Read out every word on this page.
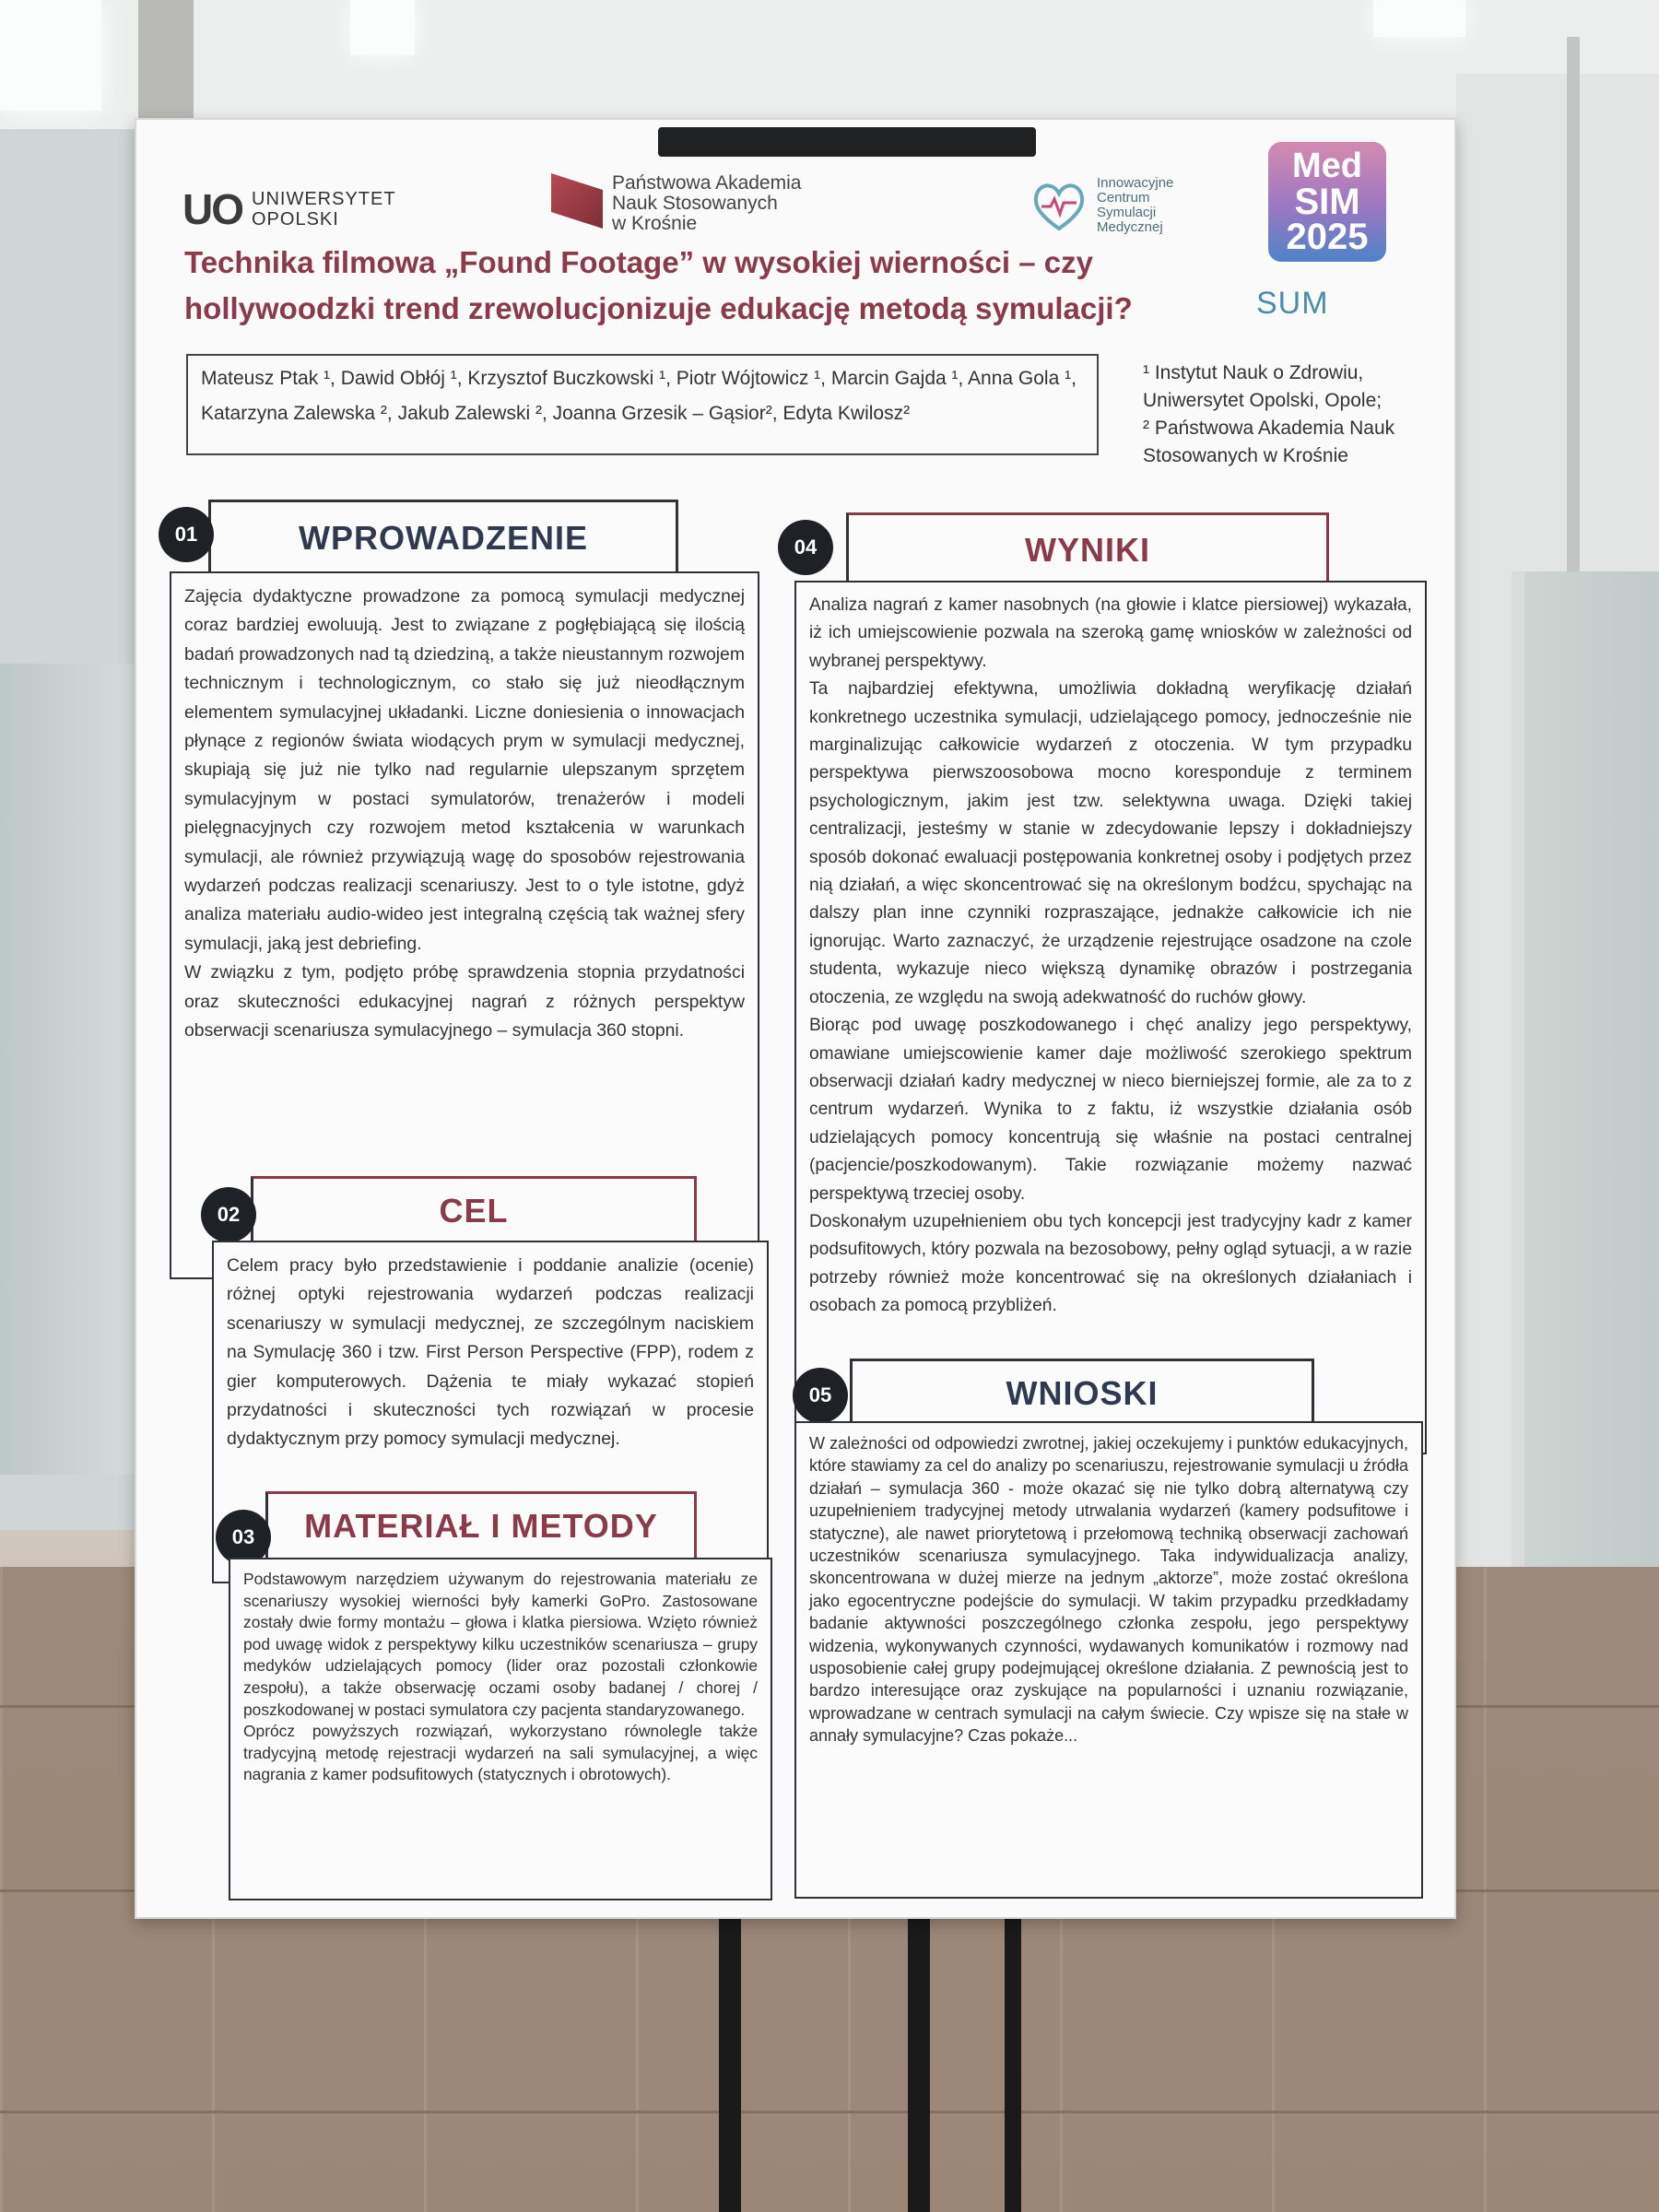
UO UNIWERSYTET
OPOLSKI
Państwowa Akademia
Nauk Stosowanych
w Krośnie
Innowacyjne
Centrum
Symulacji
Medycznej
Med
SIM
2025
SUM
Technika filmowa „Found Footage” w wysokiej wierności – czy hollywoodzki trend zrewolucjonizuje edukację metodą symulacji?
Mateusz Ptak ¹, Dawid Obłój ¹, Krzysztof Buczkowski ¹, Piotr Wójtowicz ¹, Marcin Gajda ¹, Anna Gola ¹, Katarzyna Zalewska ², Jakub Zalewski ², Joanna Grzesik – Gąsior², Edyta Kwilosz²
¹ Instytut Nauk o Zdrowiu, Uniwersytet Opolski, Opole;
² Państwowa Akademia Nauk Stosowanych w Krośnie
WPROWADZENIE
01
Zajęcia dydaktyczne prowadzone za pomocą symulacji medycznej coraz bardziej ewoluują. Jest to związane z pogłębiającą się ilością badań prowadzonych nad tą dziedziną, a także nieustannym rozwojem technicznym i technologicznym, co stało się już nieodłącznym elementem symulacyjnej układanki. Liczne doniesienia o innowacjach płynące z regionów świata wiodących prym w symulacji medycznej, skupiają się już nie tylko nad regularnie ulepszanym sprzętem symulacyjnym w postaci symulatorów, trenażerów i modeli pielęgnacyjnych czy rozwojem metod kształcenia w warunkach symulacji, ale również przywiązują wagę do sposobów rejestrowania wydarzeń podczas realizacji scenariuszy. Jest to o tyle istotne, gdyż analiza materiału audio-wideo jest integralną częścią tak ważnej sfery symulacji, jaką jest debriefing.
W związku z tym, podjęto próbę sprawdzenia stopnia przydatności oraz skuteczności edukacyjnej nagrań z różnych perspektyw obserwacji scenariusza symulacyjnego – symulacja 360 stopni.
CEL
02
Celem pracy było przedstawienie i poddanie analizie (ocenie) różnej optyki rejestrowania wydarzeń podczas realizacji scenariuszy w symulacji medycznej, ze szczególnym naciskiem na Symulację 360 i tzw. First Person Perspective (FPP), rodem z gier komputerowych. Dążenia te miały wykazać stopień przydatności i skuteczności tych rozwiązań w procesie dydaktycznym przy pomocy symulacji medycznej.
MATERIAŁ I METODY
03
Podstawowym narzędziem używanym do rejestrowania materiału ze scenariuszy wysokiej wierności były kamerki GoPro. Zastosowane zostały dwie formy montażu – głowa i klatka piersiowa. Wzięto również pod uwagę widok z perspektywy kilku uczestników scenariusza – grupy medyków udzielających pomocy (lider oraz pozostali członkowie zespołu), a także obserwację oczami osoby badanej / chorej / poszkodowanej w postaci symulatora czy pacjenta standaryzowanego.
Oprócz powyższych rozwiązań, wykorzystano równolegle także tradycyjną metodę rejestracji wydarzeń na sali symulacyjnej, a więc nagrania z kamer podsufitowych (statycznych i obrotowych).
WYNIKI
04
Analiza nagrań z kamer nasobnych (na głowie i klatce piersiowej) wykazała, iż ich umiejscowienie pozwala na szeroką gamę wniosków w zależności od wybranej perspektywy.
Ta najbardziej efektywna, umożliwia dokładną weryfikację działań konkretnego uczestnika symulacji, udzielającego pomocy, jednocześnie nie marginalizując całkowicie wydarzeń z otoczenia. W tym przypadku perspektywa pierwszoosobowa mocno koresponduje z terminem psychologicznym, jakim jest tzw. selektywna uwaga. Dzięki takiej centralizacji, jesteśmy w stanie w zdecydowanie lepszy i dokładniejszy sposób dokonać ewaluacji postępowania konkretnej osoby i podjętych przez nią działań, a więc skoncentrować się na określonym bodźcu, spychając na dalszy plan inne czynniki rozpraszające, jednakże całkowicie ich nie ignorując. Warto zaznaczyć, że urządzenie rejestrujące osadzone na czole studenta, wykazuje nieco większą dynamikę obrazów i postrzegania otoczenia, ze względu na swoją adekwatność do ruchów głowy.
Biorąc pod uwagę poszkodowanego i chęć analizy jego perspektywy, omawiane umiejscowienie kamer daje możliwość szerokiego spektrum obserwacji działań kadry medycznej w nieco bierniejszej formie, ale za to z centrum wydarzeń. Wynika to z faktu, iż wszystkie działania osób udzielających pomocy koncentrują się właśnie na postaci centralnej (pacjencie/poszkodowanym). Takie rozwiązanie możemy nazwać perspektywą trzeciej osoby.
Doskonałym uzupełnieniem obu tych koncepcji jest tradycyjny kadr z kamer podsufitowych, który pozwala na bezosobowy, pełny ogląd sytuacji, a w razie potrzeby również może koncentrować się na określonych działaniach i osobach za pomocą przybliżeń.
WNIOSKI
05
W zależności od odpowiedzi zwrotnej, jakiej oczekujemy i punktów edukacyjnych, które stawiamy za cel do analizy po scenariuszu, rejestrowanie symulacji u źródła działań – symulacja 360 - może okazać się nie tylko dobrą alternatywą czy uzupełnieniem tradycyjnej metody utrwalania wydarzeń (kamery podsufitowe i statyczne), ale nawet priorytetową i przełomową techniką obserwacji zachowań uczestników scenariusza symulacyjnego. Taka indywidualizacja analizy, skoncentrowana w dużej mierze na jednym „aktorze”, może zostać określona jako egocentryczne podejście do symulacji. W takim przypadku przedkładamy badanie aktywności poszczególnego członka zespołu, jego perspektywy widzenia, wykonywanych czynności, wydawanych komunikatów i rozmowy nad usposobienie całej grupy podejmującej określone działania. Z pewnością jest to bardzo interesujące oraz zyskujące na popularności i uznaniu rozwiązanie, wprowadzane w centrach symulacji na całym świecie. Czy wpisze się na stałe w annały symulacyjne? Czas pokaże...
